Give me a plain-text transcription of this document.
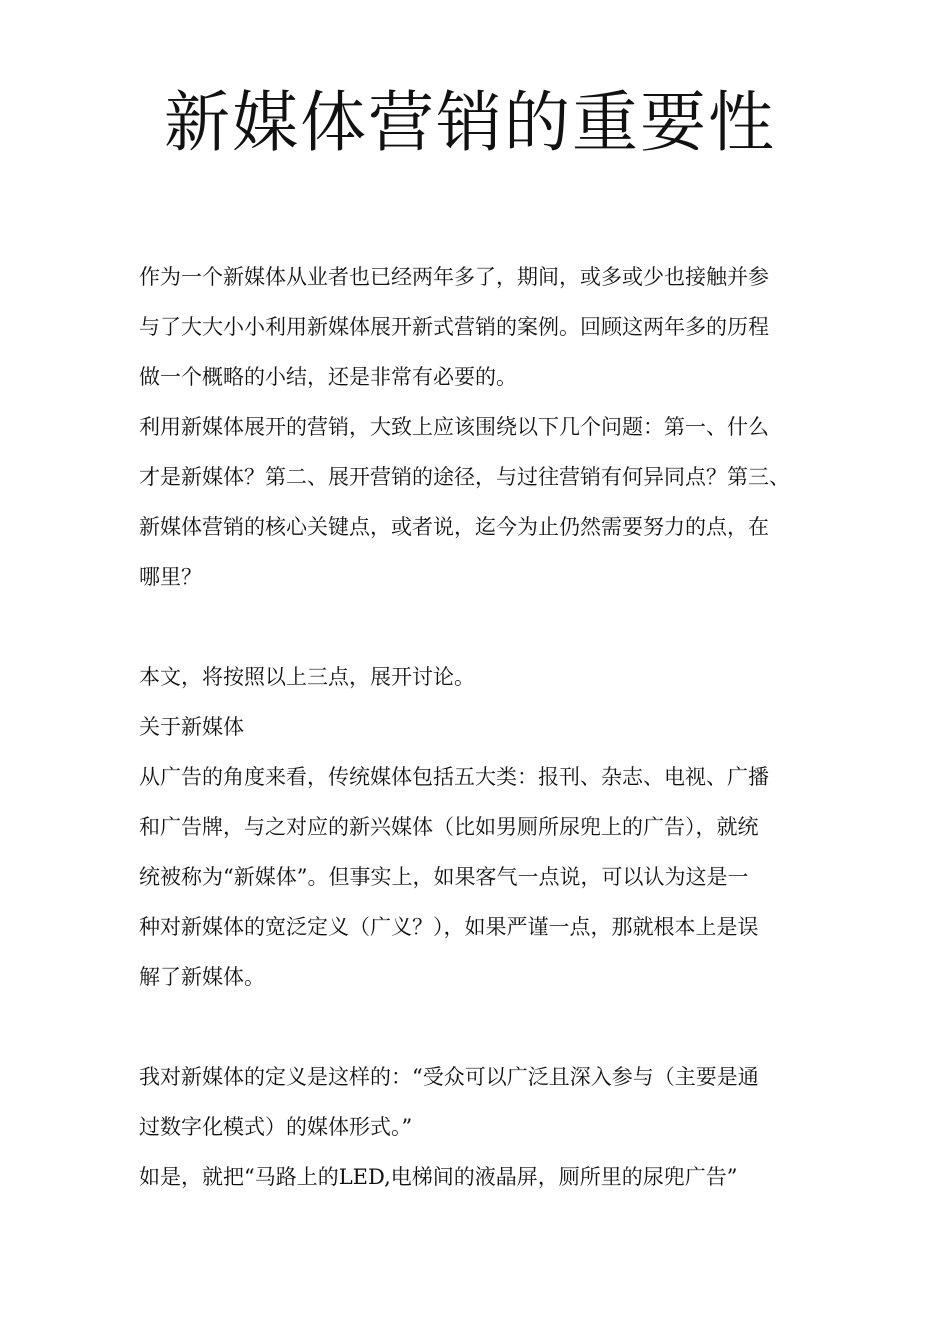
新媒体营销的重要性
作为一个新媒体从业者也已经两年多了，期间，或多或少也接触并参
与了大大小小利用新媒体展开新式营销的案例。回顾这两年多的历程
做一个概略的小结，还是非常有必要的。
利用新媒体展开的营销，大致上应该围绕以下几个问题：第一、什么
才是新媒体？第二、展开营销的途径，与过往营销有何异同点？第三、
新媒体营销的核心关键点，或者说，迄今为止仍然需要努力的点，在
哪里？
本文，将按照以上三点，展开讨论。
关于新媒体
从广告的角度来看，传统媒体包括五大类：报刊、杂志、电视、广播
和广告牌，与之对应的新兴媒体（比如男厕所尿兜上的广告），就统
统被称为“新媒体”。但事实上，如果客气一点说，可以认为这是一
种对新媒体的宽泛定义（广义？），如果严谨一点，那就根本上是误
解了新媒体。
我对新媒体的定义是这样的：“受众可以广泛且深入参与（主要是通
过数字化模式）的媒体形式。”
如是，就把“马路上的LED,电梯间的液晶屏，厕所里的尿兜广告”
